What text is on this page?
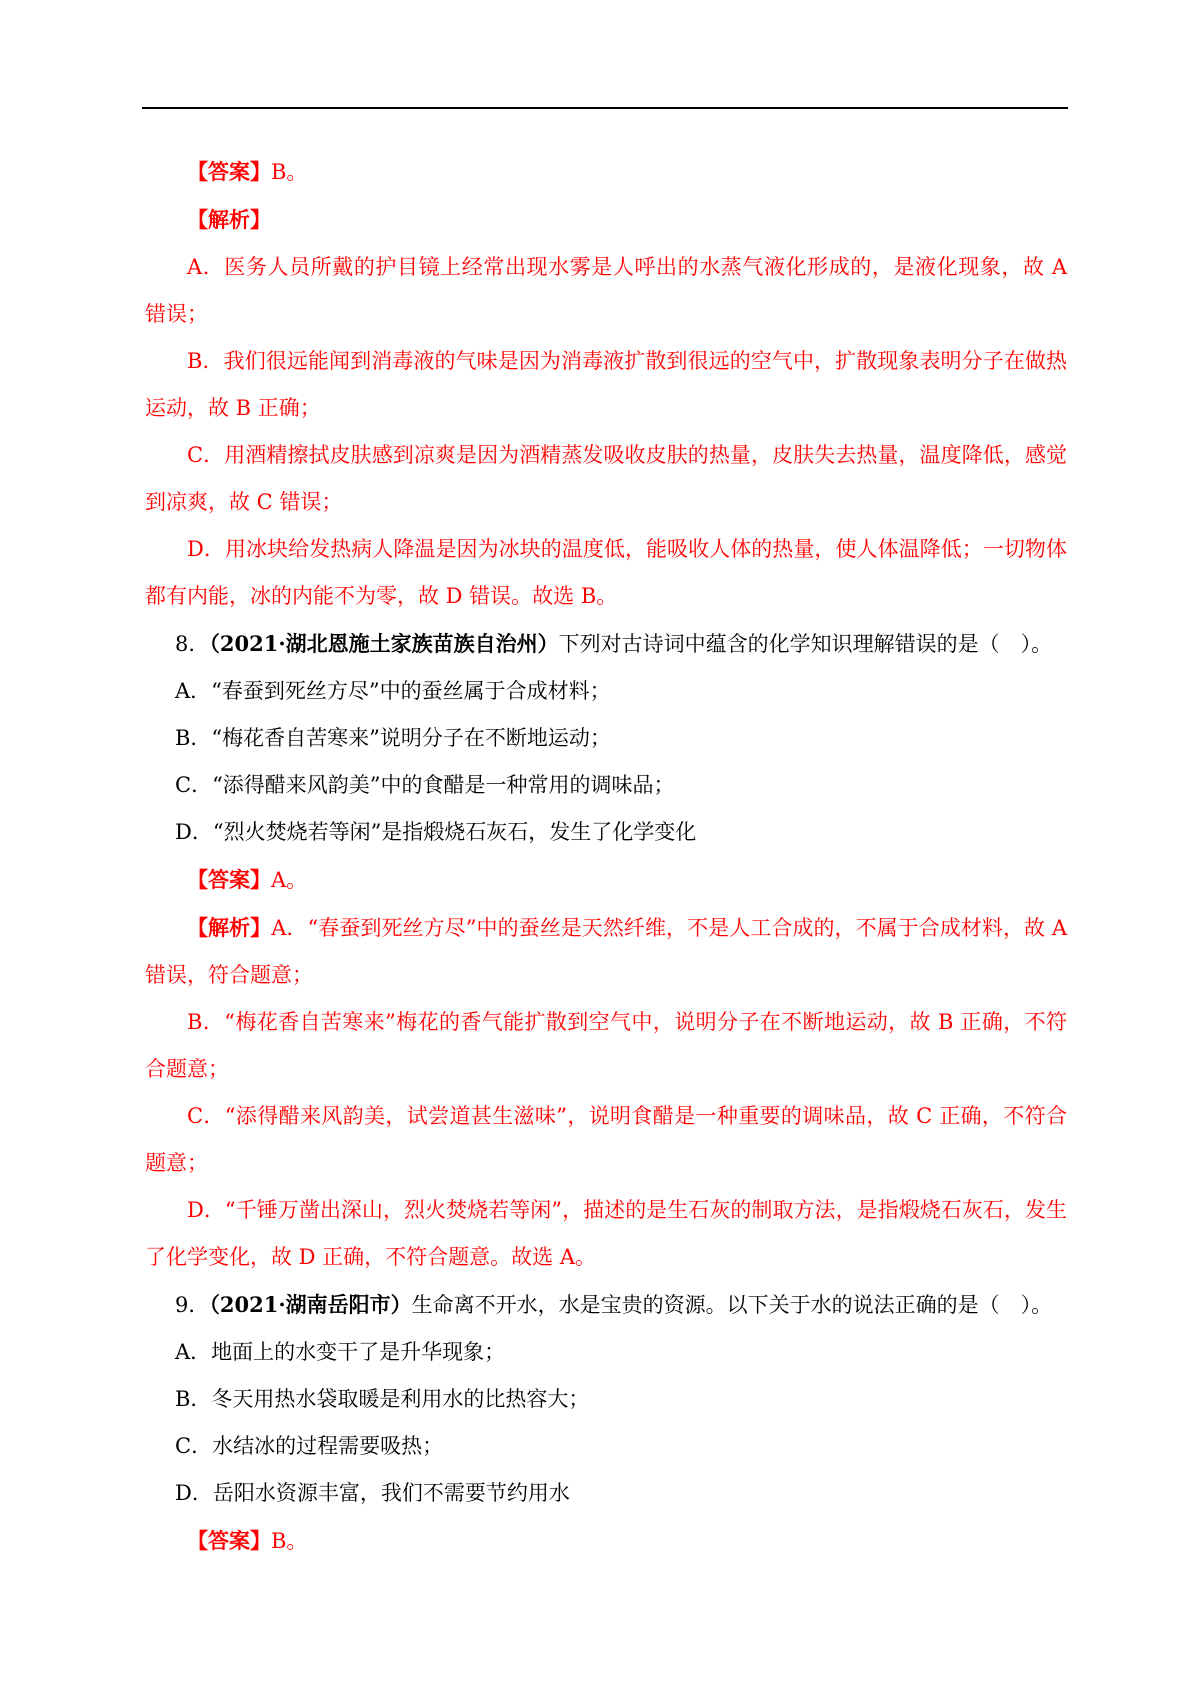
【答案】B。

【解析】

A．医务人员所戴的护目镜上经常出现水雾是人呼出的水蒸气液化形成的，是液化现象，故 A 错误；

B．我们很远能闻到消毒液的气味是因为消毒液扩散到很远的空气中，扩散现象表明分子在做热运动，故 B 正确；

C．用酒精擦拭皮肤感到凉爽是因为酒精蒸发吸收皮肤的热量，皮肤失去热量，温度降低，感觉到凉爽，故 C 错误；

D．用冰块给发热病人降温是因为冰块的温度低，能吸收人体的热量，使人体温降低；一切物体都有内能，冰的内能不为零，故 D 错误。故选 B。

8．（2021·湖北恩施土家族苗族自治州）下列对古诗词中蕴含的化学知识理解错误的是（　）。

A．“春蚕到死丝方尽”中的蚕丝属于合成材料；

B．“梅花香自苦寒来”说明分子在不断地运动；

C．“添得醋来风韵美”中的食醋是一种常用的调味品；

D．“烈火焚烧若等闲”是指煅烧石灰石，发生了化学变化

【答案】A。

【解析】A．“春蚕到死丝方尽”中的蚕丝是天然纤维，不是人工合成的，不属于合成材料，故 A 错误，符合题意；

B．“梅花香自苦寒来”梅花的香气能扩散到空气中，说明分子在不断地运动，故 B 正确，不符合题意；

C．“添得醋来风韵美，试尝道甚生滋味”，说明食醋是一种重要的调味品，故 C 正确，不符合题意；

D．“千锤万凿出深山，烈火焚烧若等闲”，描述的是生石灰的制取方法，是指煅烧石灰石，发生了化学变化，故 D 正确，不符合题意。故选 A。

9．（2021·湖南岳阳市）生命离不开水，水是宝贵的资源。以下关于水的说法正确的是（　）。

A．地面上的水变干了是升华现象；

B．冬天用热水袋取暖是利用水的比热容大；

C．水结冰的过程需要吸热；

D．岳阳水资源丰富，我们不需要节约用水

【答案】B。
